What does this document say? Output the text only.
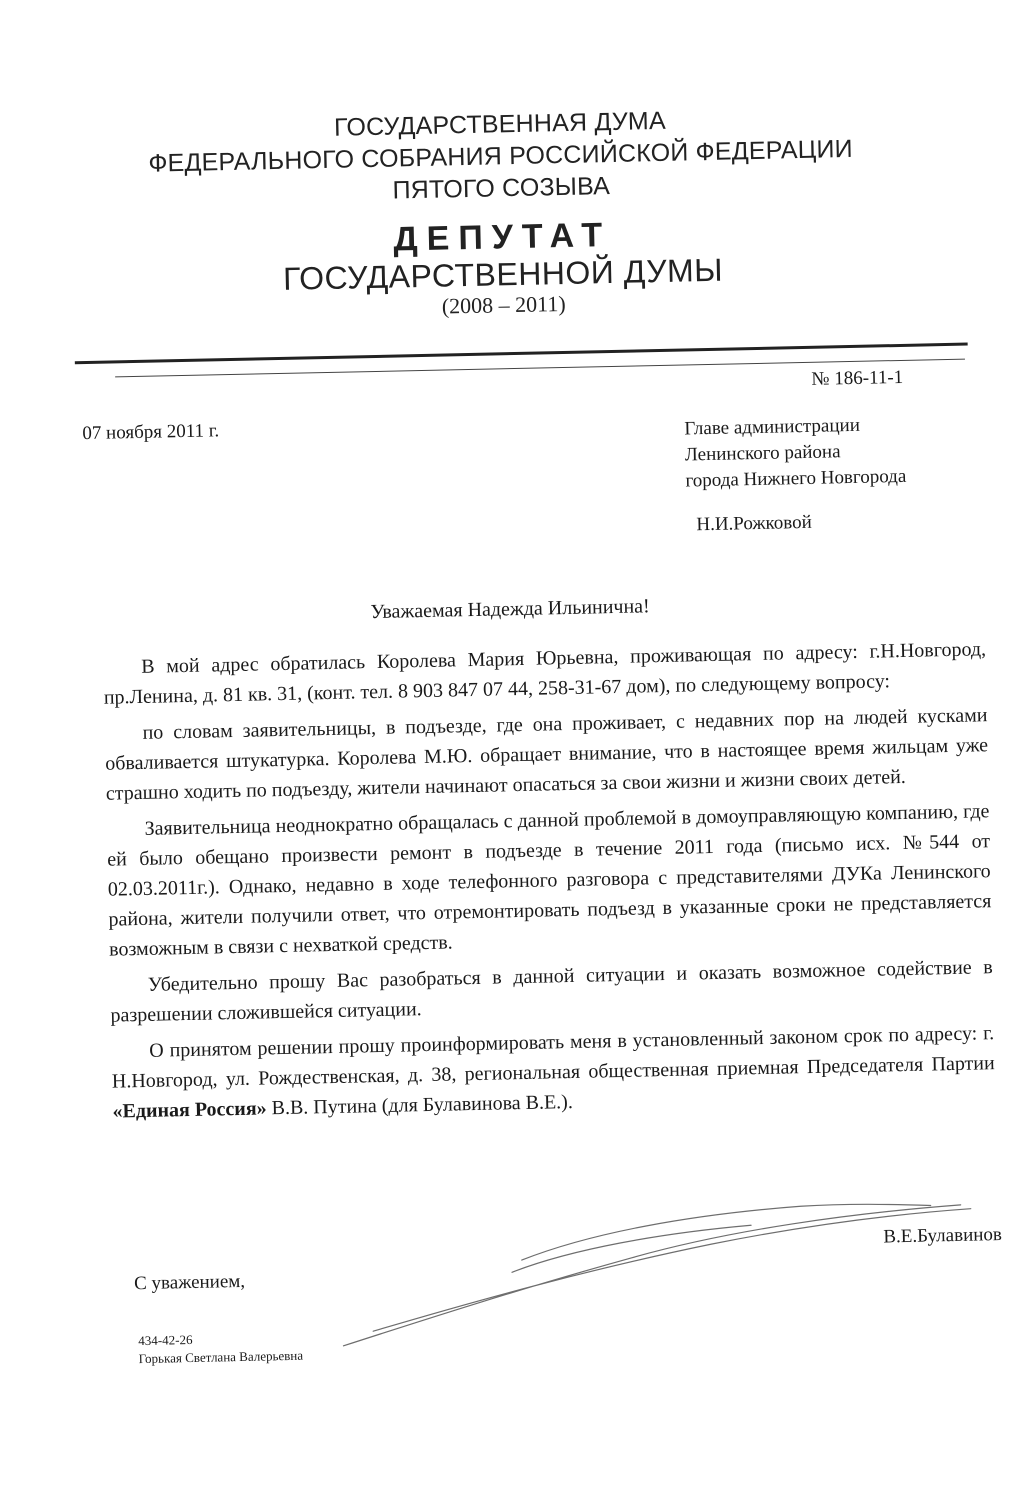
ГОСУДАРСТВЕННАЯ ДУМА
ФЕДЕРАЛЬНОГО СОБРАНИЯ РОССИЙСКОЙ ФЕДЕРАЦИИ
ПЯТОГО СОЗЫВА
ДЕПУТАТ
ГОСУДАРСТВЕННОЙ ДУМЫ
(2008 – 2011)
№ 186-11-1
07 ноября 2011 г.	Главе администрации
Ленинского района
города Нижнего Новгорода
Н.И.Рожковой
Уважаемая Надежда Ильинична!

В мой адрес обратилась Королева Мария Юрьевна, проживающая по адресу: г.Н.Новгород, пр.Ленина, д. 81 кв. 31, (конт. тел. 8 903 847 07 44, 258-31-67 дом), по следующему вопросу:

по словам заявительницы, в подъезде, где она проживает, с недавних пор на людей кусками обваливается штукатурка. Королева М.Ю. обращает внимание, что в настоящее время жильцам уже страшно ходить по подъезду, жители начинают опасаться за свои жизни и жизни своих детей.

Заявительница неоднократно обращалась с данной проблемой в домоуправляющую компанию, где ей было обещано произвести ремонт в подъезде в течение 2011 года (письмо исх. №544 от 02.03.2011г.). Однако, недавно в ходе телефонного разговора с представителями ДУКа Ленинского района, жители получили ответ, что отремонтировать подъезд в указанные сроки не представляется возможным в связи с нехваткой средств.

Убедительно прошу Вас разобраться в данной ситуации и оказать возможное содействие в разрешении сложившейся ситуации.

О принятом решении прошу проинформировать меня в установленный законом срок по адресу: г. Н.Новгород, ул. Рождественская, д. 38, региональная общественная приемная Председателя Партии «Единая Россия» В.В. Путина (для Булавинова В.Е.).

С уважением,
В.Е.Булавинов
434-42-26
Горькая Светлана Валерьевна
